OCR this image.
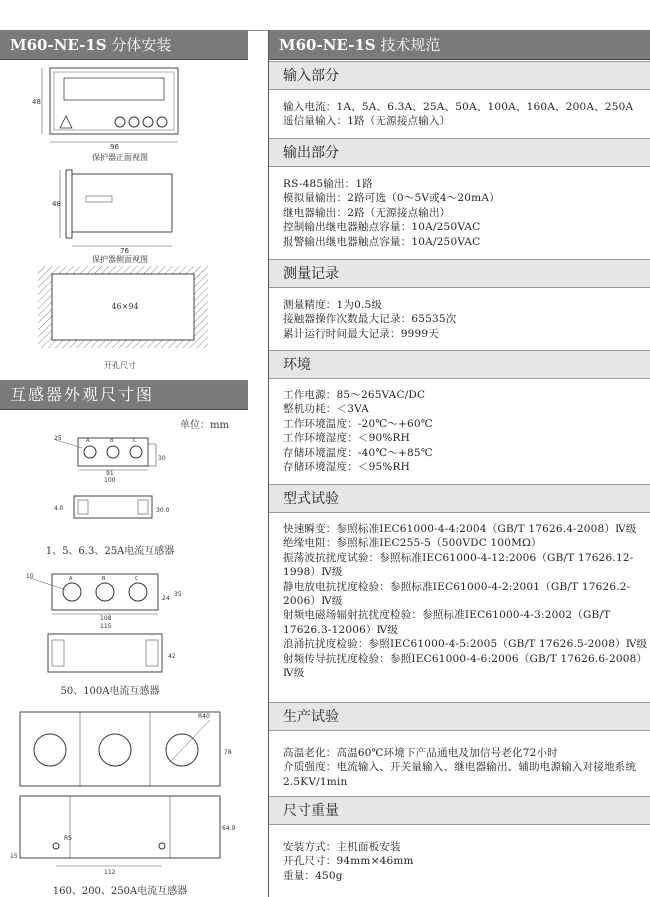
M60-NE-1S 分体安装
48
96
保护器正面视图
48
76
保护器侧面视图
46×94
开孔尺寸
互感器外观尺寸图
单位：mm
A	B	C
25
30
91
100
4.0	30.0
1、5、6.3、25A电流互感器
A	B	C
10
24
35
108
115
42
50、100A电流互感器
R40
78
64.9
112
R5
15
160、200、250A电流互感器
M60-NE-1S 技术规范
输入部分
输入电流：1A、5A、6.3A、25A、50A、100A、160A、200A、250A
遥信量输入：1路（无源接点输入）
输出部分
RS-485输出：1路
模拟量输出：2路可选（0～5V或4～20mA）
继电器输出：2路（无源接点输出）
控制输出继电器触点容量：10A/250VAC
报警输出继电器触点容量：10A/250VAC
测量记录
测量精度：1为0.5级
接触器操作次数最大记录：65535次
累计运行时间最大记录：9999天
环境
工作电源：85～265VAC/DC
整机功耗：＜3VA
工作环境温度：-20℃～+60℃
工作环境湿度：＜90%RH
存储环境温度：-40℃～+85℃
存储环境湿度：＜95%RH
型式试验
快速瞬变：参照标准IEC61000-4-4:2004（GB/T 17626.4-2008）Ⅳ级
绝缘电阻：参照标准IEC255-5（500VDC 100MΩ）
振荡波抗扰度试验：参照标准IEC61000-4-12:2006（GB/T 17626.12-1998）Ⅳ级
静电放电抗扰度检验：参照标准IEC61000-4-2:2001（GB/T 17626.2-2006）Ⅳ级
射频电磁场辐射抗扰度检验：参照标准IEC61000-4-3:2002（GB/T 17626.3-12006）Ⅳ级
浪涌抗扰度检验：参照IEC61000-4-5:2005（GB/T 17626.5-2008）Ⅳ级
射频传导抗扰度检验：参照IEC61000-4-6:2006（GB/T 17626.6-2008）Ⅳ级
生产试验
高温老化：高温60℃环境下产品通电及加信号老化72小时
介质强度：电流输入、开关量输入、继电器输出、辅助电源输入对接地系统2.5KV/1min
尺寸重量
安装方式：主机面板安装
开孔尺寸：94mm×46mm
重量：450g
